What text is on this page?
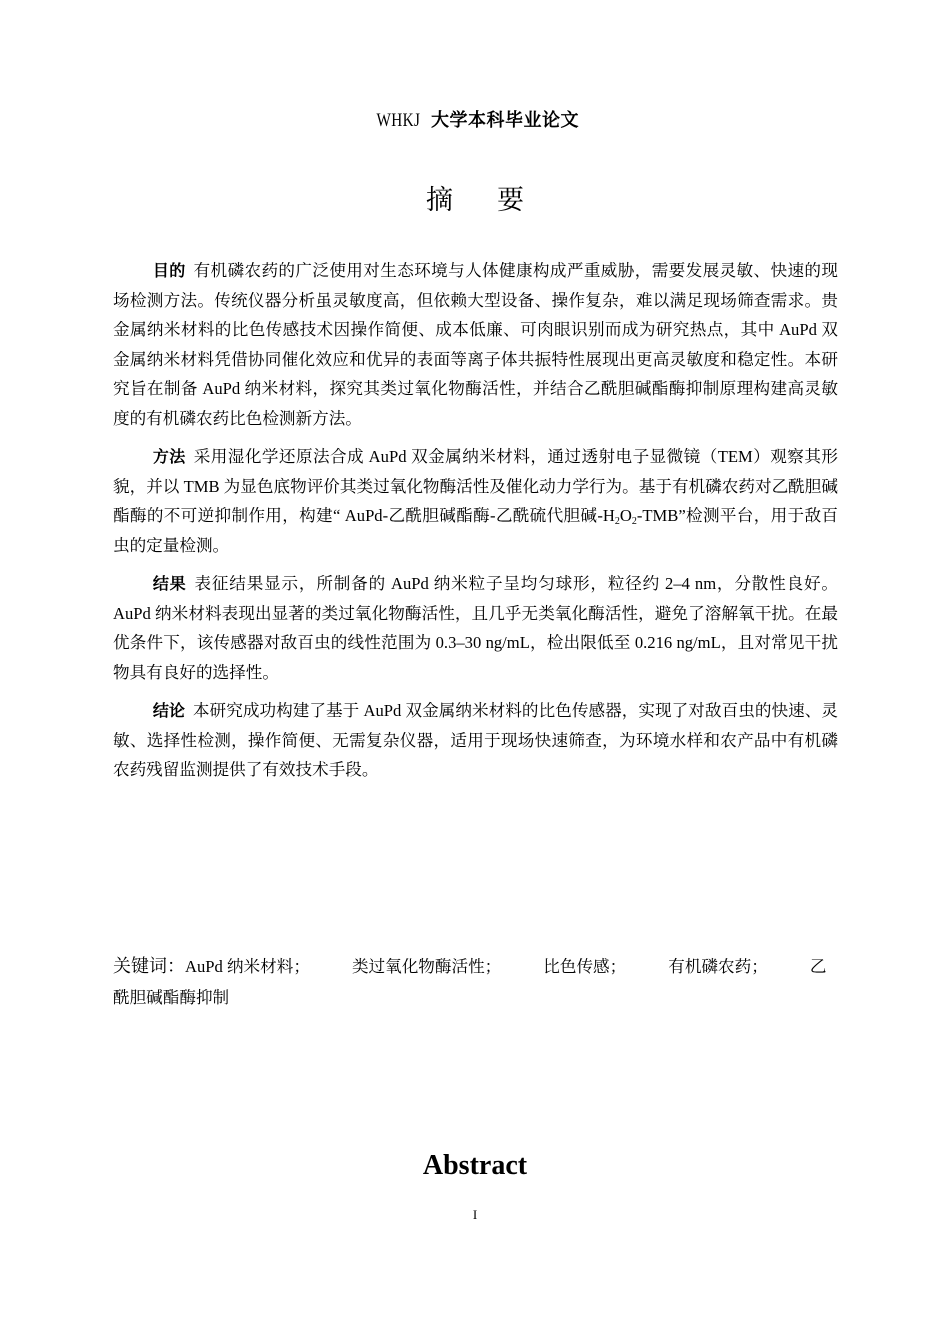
WHKJ 大学本科毕业论文
摘要

目的 有机磷农药的广泛使用对生态环境与人体健康构成严重威胁，需要发展灵敏、快速的现场检测方法。传统仪器分析虽灵敏度高，但依赖大型设备、操作复杂，难以满足现场筛查需求。贵金属纳米材料的比色传感技术因操作简便、成本低廉、可肉眼识别而成为研究热点，其中 AuPd 双金属纳米材料凭借协同催化效应和优异的表面等离子体共振特性展现出更高灵敏度和稳定性。本研究旨在制备 AuPd 纳米材料，探究其类过氧化物酶活性，并结合乙酰胆碱酯酶抑制原理构建高灵敏度的有机磷农药比色检测新方法。

方法 采用湿化学还原法合成 AuPd 双金属纳米材料，通过透射电子显微镜（TEM）观察其形貌，并以 TMB 为显色底物评价其类过氧化物酶活性及催化动力学行为。基于有机磷农药对乙酰胆碱酯酶的不可逆抑制作用，构建“ AuPd-乙酰胆碱酯酶-乙酰硫代胆碱$-H_2O_2$-TMB”检测平台，用于敌百虫的定量检测。

结果 表征结果显示，所制备的 AuPd 纳米粒子呈均匀球形，粒径约 2–4 nm，分散性良好。AuPd 纳米材料表现出显著的类过氧化物酶活性，且几乎无类氧化酶活性，避免了溶解氧干扰。在最优条件下，该传感器对敌百虫的线性范围为 0.3–30 ng/mL，检出限低至 0.216 ng/mL，且对常见干扰物具有良好的选择性。

结论 本研究成功构建了基于 AuPd 双金属纳米材料的比色传感器，实现了对敌百虫的快速、灵敏、选择性检测，操作简便、无需复杂仪器，适用于现场快速筛查，为环境水样和农产品中有机磷农药残留监测提供了有效技术手段。

关键词：AuPd 纳米材料；	类过氧化物酶活性；	比色传感；	有机磷农药；	乙酰胆碱酯酶抑制
Abstract
I
